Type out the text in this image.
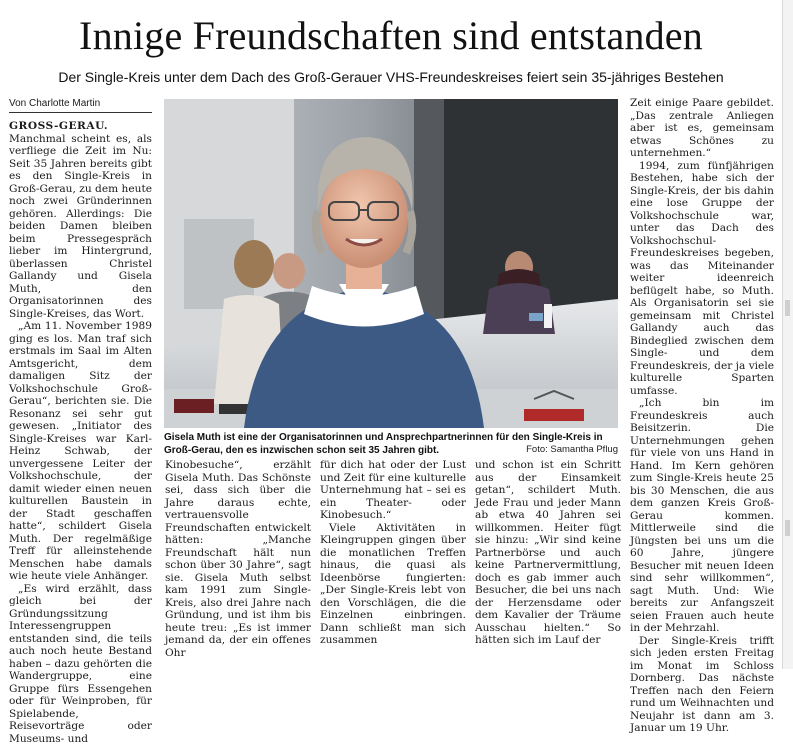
Innige Freundschaften sind entstanden
Der Single-Kreis unter dem Dach des Groß-Gerauer VHS-Freundeskreises feiert sein 35-jähriges Bestehen
Von Charlotte Martin

GROSS-GERAU. Manchmal scheint es, als verfliege die Zeit im Nu: Seit 35 Jahren bereits gibt es den Single-Kreis in Groß-Gerau, zu dem heute noch zwei Gründerinnen gehören. Allerdings: Die beiden Damen bleiben beim Pressegespräch lieber im Hintergrund, überlassen Christel Gallandy und Gisela Muth, den Organisatorinnen des Single-Kreises, das Wort.

„Am 11. November 1989 ging es los. Man traf sich erstmals im Saal im Alten Amtsgericht, dem damaligen Sitz der Volkshochschule Groß-Gerau“, berichten sie. Die Resonanz sei sehr gut gewesen. „Initiator des Single-Kreises war Karl-Heinz Schwab, der unvergessene Leiter der Volkshochschule, der damit wieder einen neuen kulturellen Baustein in der Stadt geschaffen hatte“, schildert Gisela Muth. Der regelmäßige Treff für alleinstehende Menschen habe damals wie heute viele Anhänger.

„Es wird erzählt, dass gleich bei der Gründungssitzung Interessengruppen entstanden sind, die teils auch noch heute Bestand haben – dazu gehörten die Wandergruppe, eine Gruppe fürs Essengehen oder für Weinproben, für Spielabende, Reisevorträge oder Museums- und

Gisela Muth ist eine der Organisatorinnen und Ansprechpartnerinnen für den Single-Kreis in Groß-Gerau, den es inzwischen schon seit 35 Jahren gibt.	Foto: Samantha Pflug

Kinobesuche“, erzählt Gisela Muth. Das Schönste sei, dass sich über die Jahre daraus echte, vertrauensvolle Freundschaften entwickelt hätten: „Manche Freundschaft hält nun schon über 30 Jahre“, sagt sie. Gisela Muth selbst kam 1991 zum Single-Kreis, also drei Jahre nach Gründung, und ist ihm bis heute treu: „Es ist immer jemand da, der ein offenes Ohr

für dich hat oder der Lust und Zeit für eine kulturelle Unternehmung hat – sei es ein Theater- oder Kinobesuch.“

Viele Aktivitäten in Kleingruppen gingen über die monatlichen Treffen hinaus, die quasi als Ideenbörse fungierten: „Der Single-Kreis lebt von den Vorschlägen, die die Einzelnen einbringen. Dann schließt man sich zusammen

und schon ist ein Schritt aus der Einsamkeit getan“, schildert Muth. Jede Frau und jeder Mann ab etwa 40 Jahren sei willkommen. Heiter fügt sie hinzu: „Wir sind keine Partnerbörse und auch keine Partnervermittlung, doch es gab immer auch Besucher, die bei uns nach der Herzensdame oder dem Kavalier der Träume Ausschau hielten.“ So hätten sich im Lauf der

Zeit einige Paare gebildet. „Das zentrale Anliegen aber ist es, gemeinsam etwas Schönes zu unternehmen.“

1994, zum fünfjährigen Bestehen, habe sich der Single-Kreis, der bis dahin eine lose Gruppe der Volkshochschule war, unter das Dach des Volkshochschul-Freundeskreises begeben, was das Miteinander weiter ideenreich beflügelt habe, so Muth. Als Organisatorin sei sie gemeinsam mit Christel Gallandy auch das Bindeglied zwischen dem Single- und dem Freundeskreis, der ja viele kulturelle Sparten umfasse.

„Ich bin im Freundeskreis auch Beisitzerin. Die Unternehmungen gehen für viele von uns Hand in Hand. Im Kern gehören zum Single-Kreis heute 25 bis 30 Menschen, die aus dem ganzen Kreis Groß-Gerau kommen. Mittlerweile sind die Jüngsten bei uns um die 60 Jahre, jüngere Besucher mit neuen Ideen sind sehr willkommen“, sagt Muth. Und: Wie bereits zur Anfangszeit seien Frauen auch heute in der Mehrzahl.

Der Single-Kreis trifft sich jeden ersten Freitag im Monat im Schloss Dornberg. Das nächste Treffen nach den Feiern rund um Weihnachten und Neujahr ist dann am 3. Januar um 19 Uhr.
